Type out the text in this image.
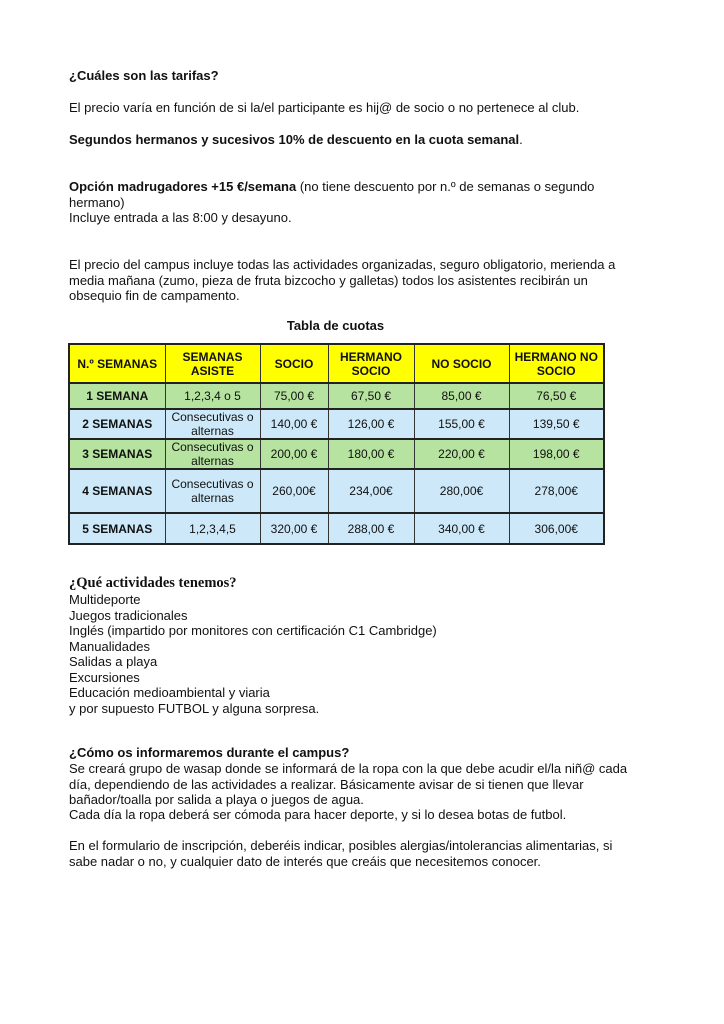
¿Cuáles son las tarifas?

El precio varía en función de si la/el participante es hij@ de socio o no pertenece al club.

Segundos hermanos y sucesivos 10% de descuento en la cuota semanal.

Opción madrugadores +15 €/semana (no tiene descuento por n.º de semanas o segundo hermano)

Incluye entrada a las 8:00 y desayuno.

El precio del campus incluye todas las actividades organizadas, seguro obligatorio, merienda a media mañana (zumo, pieza de fruta bizcocho y galletas) todos los asistentes recibirán un obsequio fin de campamento.

Tabla de cuotas

N.º SEMANAS	SEMANAS ASISTE	SOCIO	HERMANO SOCIO	NO SOCIO	HERMANO NO SOCIO
1 SEMANA	1,2,3,4 o 5	75,00 €	67,50 €	85,00 €	76,50 €
2 SEMANAS	Consecutivas o alternas	140,00 €	126,00 €	155,00 €	139,50 €
3 SEMANAS	Consecutivas o alternas	200,00 €	180,00 €	220,00 €	198,00 €
4 SEMANAS	Consecutivas o alternas	260,00€	234,00€	280,00€	278,00€
5 SEMANAS	1,2,3,4,5	320,00 €	288,00 €	340,00 €	306,00€
¿Qué actividades tenemos?
Multideporte
Juegos tradicionales
Inglés (impartido por monitores con certificación C1 Cambridge)
Manualidades
Salidas a playa
Excursiones
Educación medioambiental y viaria
y por supuesto FUTBOL y alguna sorpresa.
¿Cómo os informaremos durante el campus?

Se creará grupo de wasap donde se informará de la ropa con la que debe acudir el/la niñ@ cada día, dependiendo de las actividades a realizar. Básicamente avisar de si tienen que llevar bañador/toalla por salida a playa o juegos de agua.

Cada día la ropa deberá ser cómoda para hacer deporte, y si lo desea botas de futbol.

En el formulario de inscripción, deberéis indicar, posibles alergias/intolerancias alimentarias, si sabe nadar o no, y cualquier dato de interés que creáis que necesitemos conocer.
